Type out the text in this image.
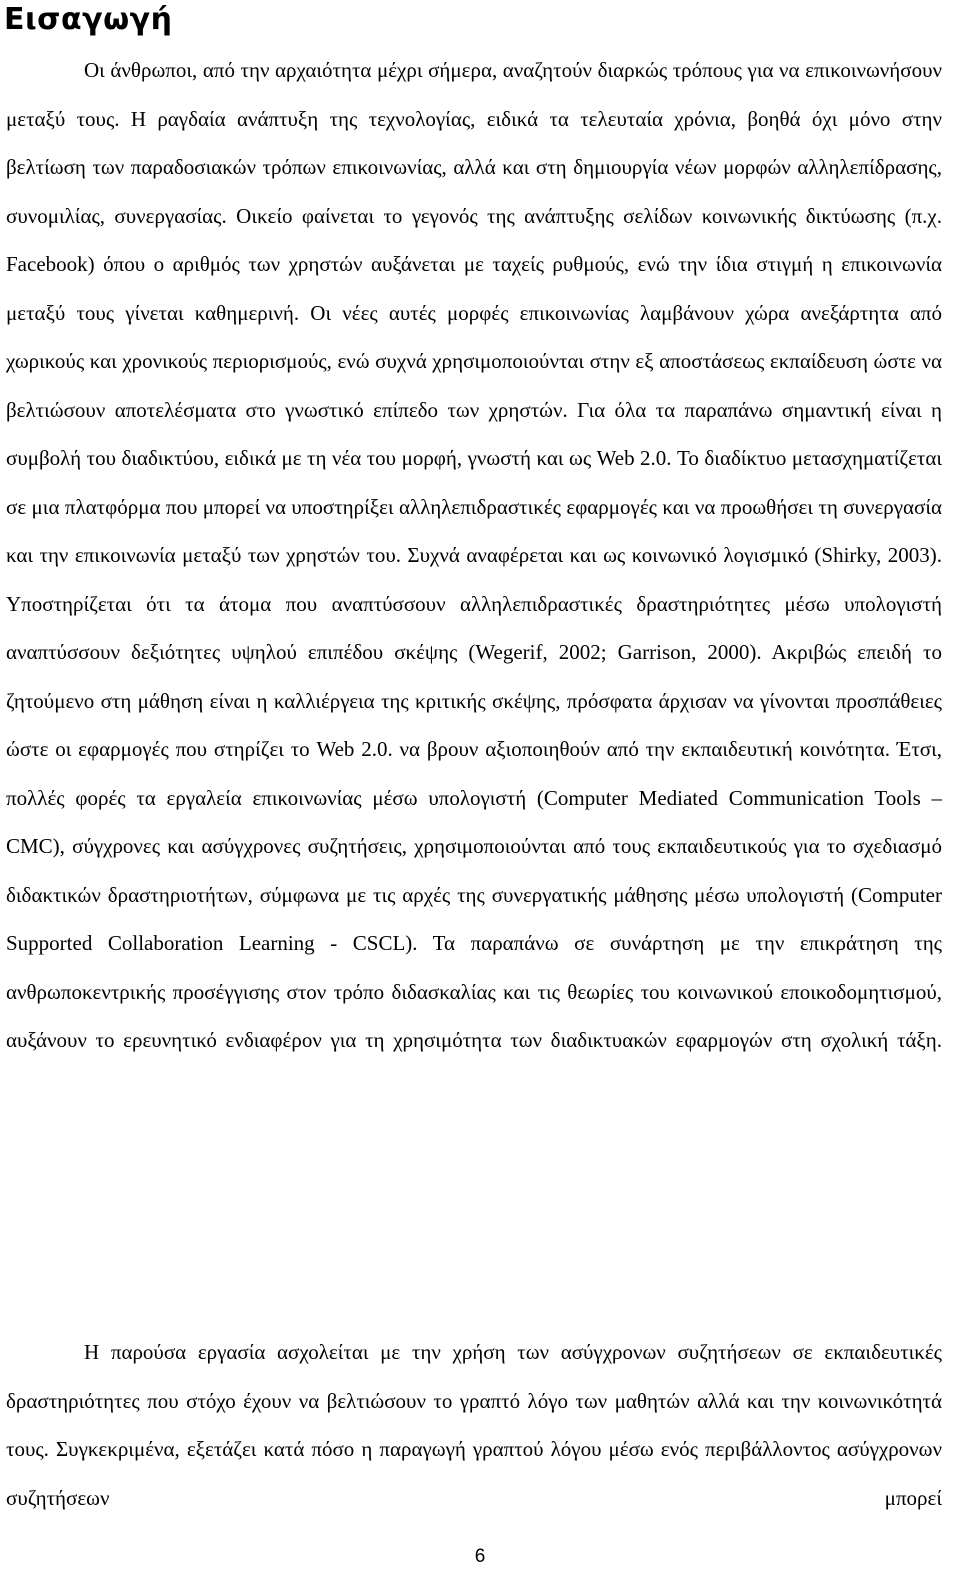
Εισαγωγή

Οι άνθρωποι, από την αρχαιότητα μέχρι σήμερα, αναζητούν διαρκώς τρόπους για να επικοινωνήσουν μεταξύ τους. Η ραγδαία ανάπτυξη της τεχνολογίας, ειδικά τα τελευταία χρόνια, βοηθά όχι μόνο στην βελτίωση των παραδοσιακών τρόπων επικοινωνίας, αλλά και στη δημιουργία νέων μορφών αλληλεπίδρασης, συνομιλίας, συνεργασίας. Οικείο φαίνεται το γεγονός της ανάπτυξης σελίδων κοινωνικής δικτύωσης (π.χ. Facebook) όπου ο αριθμός των χρηστών αυξάνεται με ταχείς ρυθμούς, ενώ την ίδια στιγμή η επικοινωνία μεταξύ τους γίνεται καθημερινή. Οι νέες αυτές μορφές επικοινωνίας λαμβάνουν χώρα ανεξάρτητα από χωρικούς και χρονικούς περιορισμούς, ενώ συχνά χρησιμοποιούνται στην εξ αποστάσεως εκπαίδευση ώστε να βελτιώσουν αποτελέσματα στο γνωστικό επίπεδο των χρηστών. Για όλα τα παραπάνω σημαντική είναι η συμβολή του διαδικτύου, ειδικά με τη νέα του μορφή, γνωστή και ως Web 2.0. Το διαδίκτυο μετασχηματίζεται σε μια πλατφόρμα που μπορεί να υποστηρίξει αλληλεπιδραστικές εφαρμογές και να προωθήσει τη συνεργασία και την επικοινωνία μεταξύ των χρηστών του. Συχνά αναφέρεται και ως κοινωνικό λογισμικό (Shirky, 2003). Υποστηρίζεται ότι τα άτομα που αναπτύσσουν αλληλεπιδραστικές δραστηριότητες μέσω υπολογιστή αναπτύσσουν δεξιότητες υψηλού επιπέδου σκέψης (Wegerif, 2002; Garrison, 2000). Ακριβώς επειδή το ζητούμενο στη μάθηση είναι η καλλιέργεια της κριτικής σκέψης, πρόσφατα άρχισαν να γίνονται προσπάθειες ώστε οι εφαρμογές που στηρίζει το Web 2.0. να βρουν αξιοποιηθούν από την εκπαιδευτική κοινότητα. Έτσι, πολλές φορές τα εργαλεία επικοινωνίας μέσω υπολογιστή (Computer Mediated Communication Tools – CMC), σύγχρονες και ασύγχρονες συζητήσεις, χρησιμοποιούνται από τους εκπαιδευτικούς για το σχεδιασμό διδακτικών δραστηριοτήτων, σύμφωνα με τις αρχές της συνεργατικής μάθησης μέσω υπολογιστή (Computer Supported Collaboration Learning - CSCL). Τα παραπάνω σε συνάρτηση με την επικράτηση της ανθρωποκεντρικής προσέγγισης στον τρόπο διδασκαλίας και τις θεωρίες του κοινωνικού εποικοδομητισμού, αυξάνουν το ερευνητικό ενδιαφέρον για τη χρησιμότητα των διαδικτυακών εφαρμογών στη σχολική τάξη.

Η παρούσα εργασία ασχολείται με την χρήση των ασύγχρονων συζητήσεων σε εκπαιδευτικές δραστηριότητες που στόχο έχουν να βελτιώσουν το γραπτό λόγο των μαθητών αλλά και την κοινωνικότητά τους. Συγκεκριμένα, εξετάζει κατά πόσο η παραγωγή γραπτού λόγου μέσω ενός περιβάλλοντος ασύγχρονων συζητήσεων μπορεί

6
